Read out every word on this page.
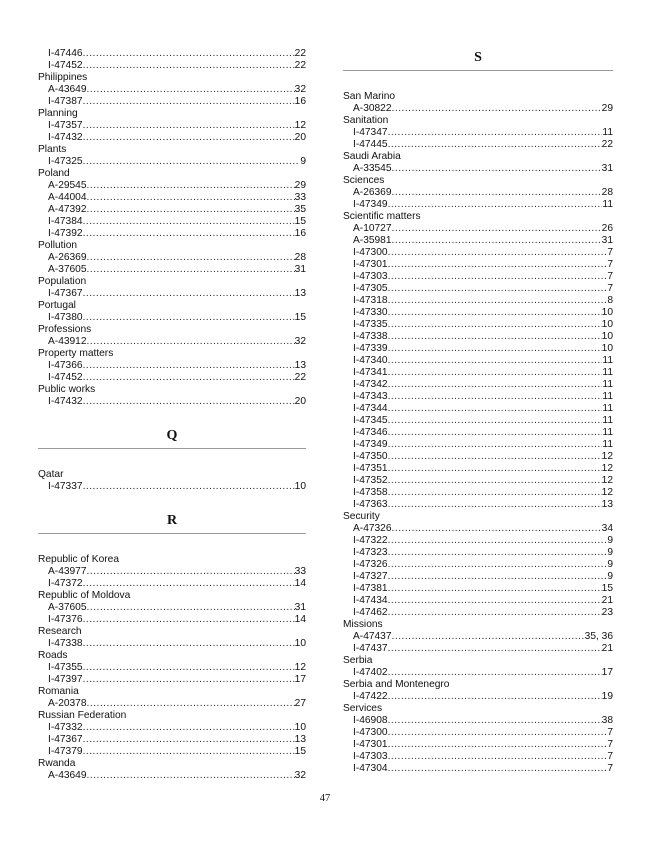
I-47446 .....	22
I-47452 .....	22
Philippines
A-43649 .....	32
I-47387 .....	16
Planning
I-47357 .....	12
I-47432 .....	20
Plants
I-47325 .....	9
Poland
A-29545 .....	29
A-44004 .....	33
A-47392 .....	35
I-47384 .....	15
I-47392 .....	16
Pollution
A-26369 .....	28
A-37605 .....	31
Population
I-47367 .....	13
Portugal
I-47380 .....	15
Professions
A-43912 .....	32
Property matters
I-47366 .....	13
I-47452 .....	22
Public works
I-47432 .....	20
Q
Qatar
I-47337 .....	10
R
Republic of Korea
A-43977 .....	33
I-47372 .....	14
Republic of Moldova
A-37605 .....	31
I-47376 .....	14
Research
I-47338 .....	10
Roads
I-47355 .....	12
I-47397 .....	17
Romania
A-20378 .....	27
Russian Federation
I-47332 .....	10
I-47367 .....	13
I-47379 .....	15
Rwanda
A-43649 .....	32
S
San Marino
A-30822 .....	29
Sanitation
I-47347 .....	11
I-47445 .....	22
Saudi Arabia
A-33545 .....	31
Sciences
A-26369 .....	28
I-47349 .....	11
Scientific matters
A-10727 .....	26
A-35981 .....	31
I-47300 .....	7
I-47301 .....	7
I-47303 .....	7
I-47305 .....	7
I-47318 .....	8
I-47330 .....	10
I-47335 .....	10
I-47338 .....	10
I-47339 .....	10
I-47340 .....	11
I-47341 .....	11
I-47342 .....	11
I-47343 .....	11
I-47344 .....	11
I-47345 .....	11
I-47346 .....	11
I-47349 .....	11
I-47350 .....	12
I-47351 .....	12
I-47352 .....	12
I-47358 .....	12
I-47363 .....	13
Security
A-47326 .....	34
I-47322 .....	9
I-47323 .....	9
I-47326 .....	9
I-47327 .....	9
I-47381 .....	15
I-47434 .....	21
I-47462 .....	23
Missions
A-47437 .....	35, 36
I-47437 .....	21
Serbia
I-47402 .....	17
Serbia and Montenegro
I-47422 .....	19
Services
I-46908 .....	38
I-47300 .....	7
I-47301 .....	7
I-47303 .....	7
I-47304 .....	7
47
